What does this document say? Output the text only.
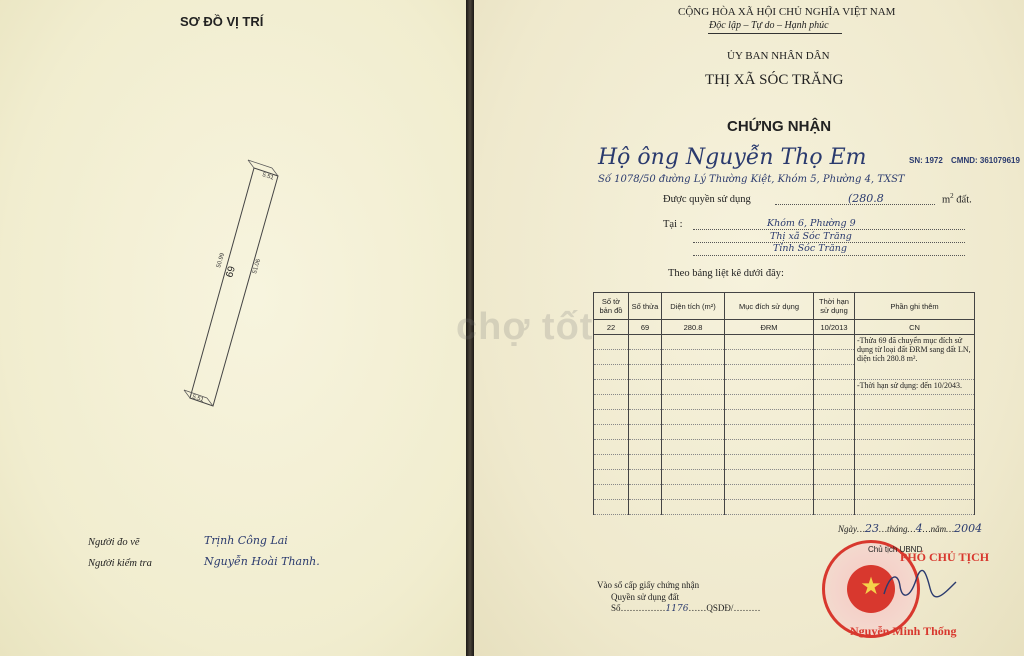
SƠ ĐỒ VỊ TRÍ
69
5.51
5.51
50.99	51.06
Người đo vẽ	Trịnh Công Lai
Người kiểm tra	Nguyễn Hoài Thanh.
CỘNG HÒA XÃ HỘI CHỦ NGHĨA VIỆT NAM
Độc lập – Tự do – Hạnh phúc
ỦY BAN NHÂN DÂN
THỊ XÃ SÓC TRĂNG
CHỨNG NHẬN
Hộ ông Nguyễn Thọ Em	SN: 1972 CMND: 361079619
Số 1078/50 đường Lý Thường Kiệt, Khóm 5, Phường 4, TXST
Được quyền sử dụng	(280.8	$m^2$ đất.
Tại :	Khóm 6, Phường 9
Thị xã Sóc Trăng
Tỉnh Sóc Trăng
Theo bảng liệt kê dưới đây:
Số tờ bản đồ	Số thửa	Diện tích (m²)	Mục đích sử dụng	Thời hạn sử dụng	Phần ghi thêm
22	69	280.8	ĐRM	10/2013	CN
					-Thửa 69 đã chuyển mục đích sử dụng từ loại đất ĐRM sang đất LN, diện tích 280.8 m².

					-Thời hạn sử dụng: đến 10/2043.

chợ tốt
Ngày…23…tháng…4…năm…2004
★
Chủ tịch UBND
PHÓ CHỦ TỊCH
Nguyễn Minh Thống
Vào sổ cấp giấy chứng nhận
Quyền sử dụng đất
Số……………1176……QSDĐ/………
